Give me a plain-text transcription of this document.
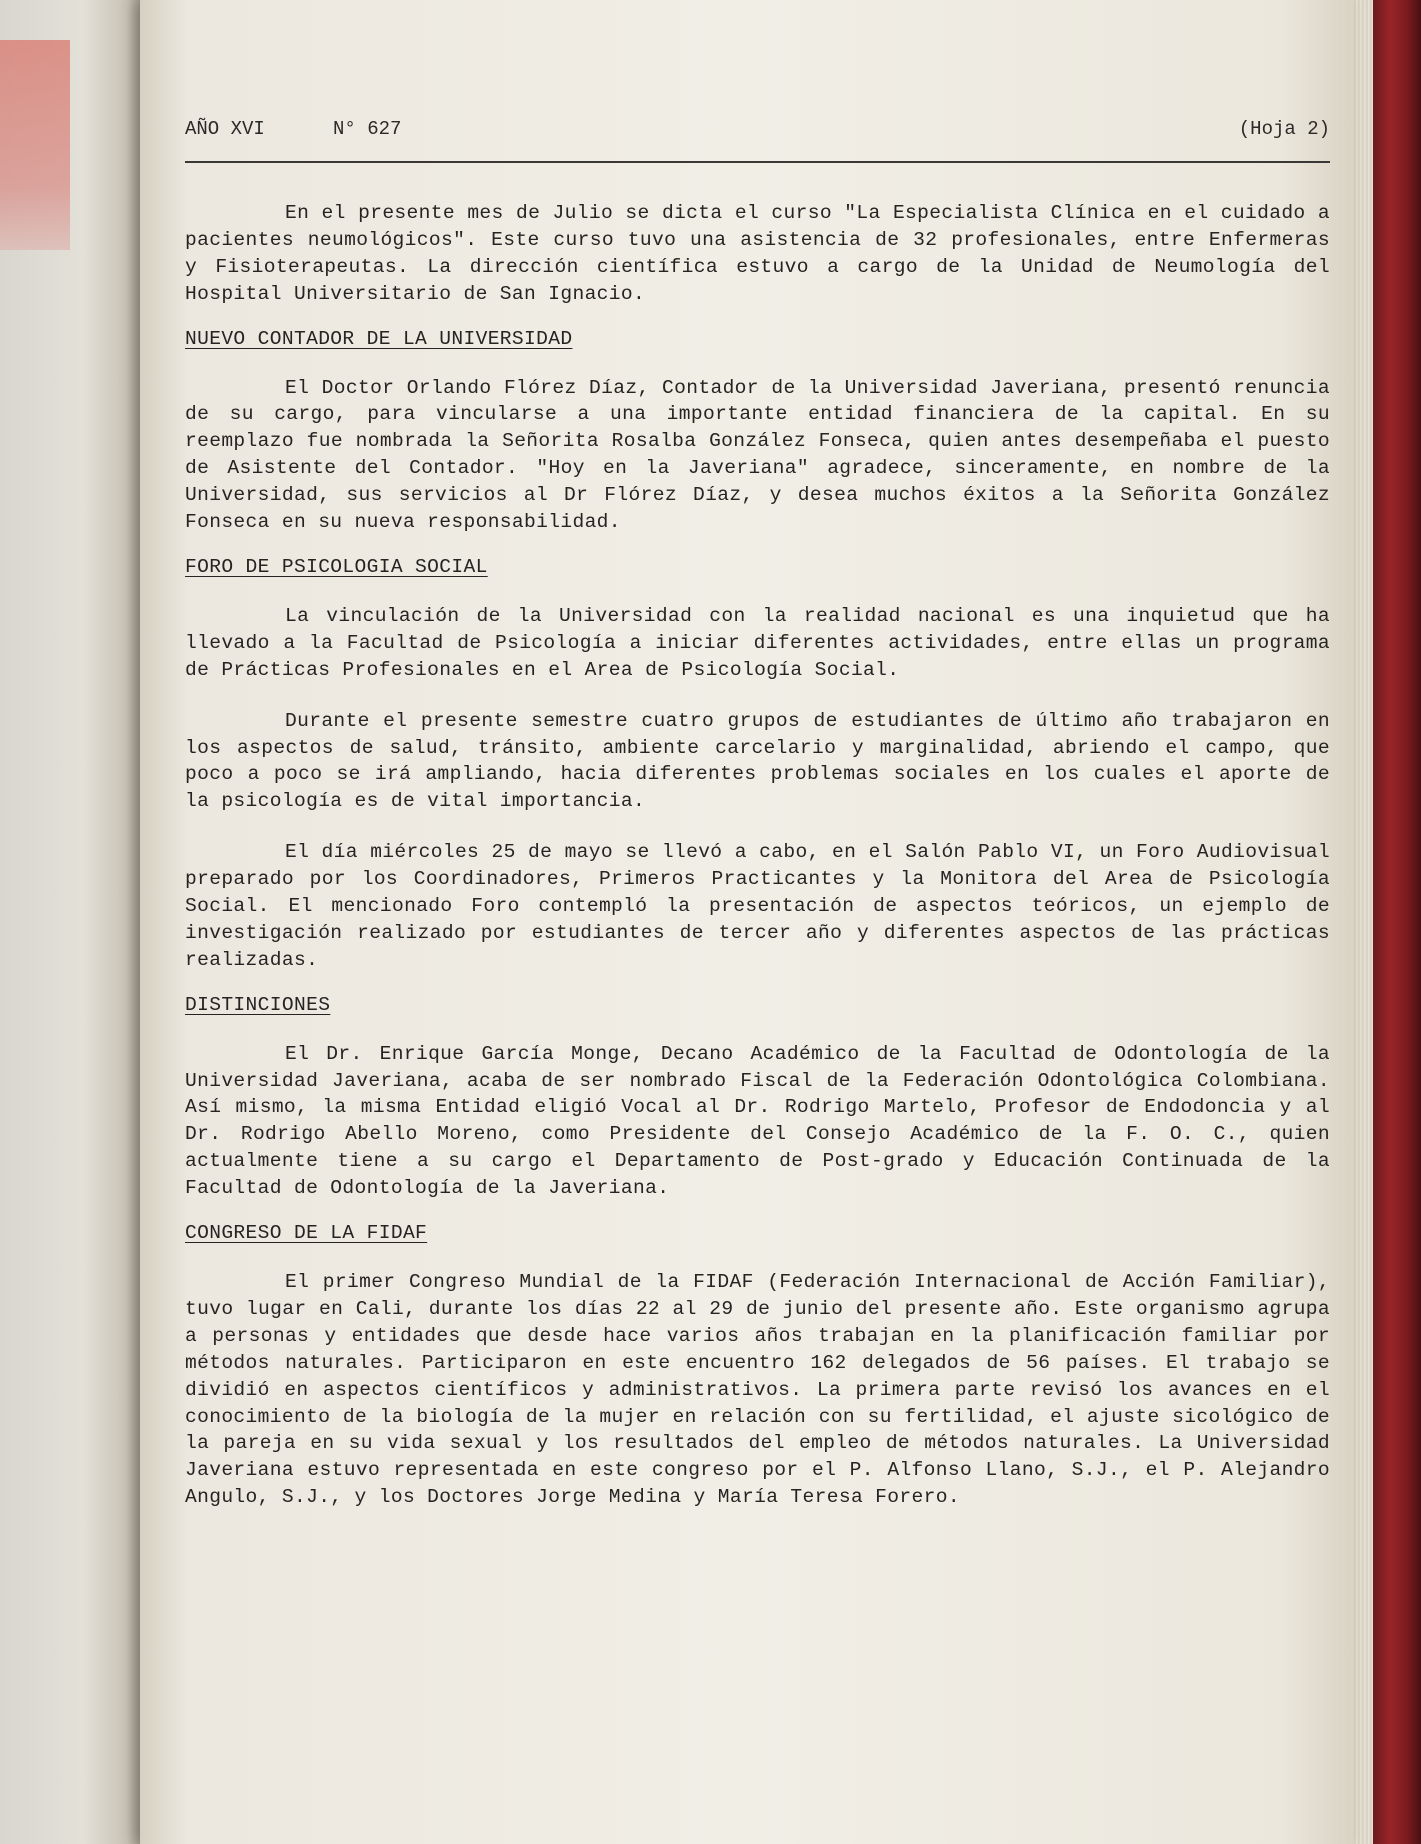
AÑO XVI	N° 627	(Hoja 2)

En el presente mes de Julio se dicta el curso "La Especialista Clínica en el cuidado a pacientes neumológicos". Este curso tuvo una asistencia de 32 profesionales, entre Enfermeras y Fisioterapeutas. La dirección científica estuvo a cargo de la Unidad de Neumología del Hospital Universitario de San Ignacio.

NUEVO CONTADOR DE LA UNIVERSIDAD

El Doctor Orlando Flórez Díaz, Contador de la Universidad Javeriana, presentó renuncia de su cargo, para vincularse a una importante entidad financiera de la capital. En su reemplazo fue nombrada la Señorita Rosalba González Fonseca, quien antes desempeñaba el puesto de Asistente del Contador. "Hoy en la Javeriana" agradece, sinceramente, en nombre de la Universidad, sus servicios al Dr Flórez Díaz, y desea muchos éxitos a la Señorita González Fonseca en su nueva responsabilidad.

FORO DE PSICOLOGIA SOCIAL

La vinculación de la Universidad con la realidad nacional es una inquietud que ha llevado a la Facultad de Psicología a iniciar diferentes actividades, entre ellas un programa de Prácticas Profesionales en el Area de Psicología Social.

Durante el presente semestre cuatro grupos de estudiantes de último año trabajaron en los aspectos de salud, tránsito, ambiente carcelario y marginalidad, abriendo el campo, que poco a poco se irá ampliando, hacia diferentes problemas sociales en los cuales el aporte de la psicología es de vital importancia.

El día miércoles 25 de mayo se llevó a cabo, en el Salón Pablo VI, un Foro Audiovisual preparado por los Coordinadores, Primeros Practicantes y la Monitora del Area de Psicología Social. El mencionado Foro contempló la presentación de aspectos teóricos, un ejemplo de investigación realizado por estudiantes de tercer año y diferentes aspectos de las prácticas realizadas.

DISTINCIONES

El Dr. Enrique García Monge, Decano Académico de la Facultad de Odontología de la Universidad Javeriana, acaba de ser nombrado Fiscal de la Federación Odontológica Colombiana. Así mismo, la misma Entidad eligió Vocal al Dr. Rodrigo Martelo, Profesor de Endodoncia y al Dr. Rodrigo Abello Moreno, como Presidente del Consejo Académico de la F. O. C., quien actualmente tiene a su cargo el Departamento de Post-grado y Educación Continuada de la Facultad de Odontología de la Javeriana.

CONGRESO DE LA FIDAF

El primer Congreso Mundial de la FIDAF (Federación Internacional de Acción Familiar), tuvo lugar en Cali, durante los días 22 al 29 de junio del presente año. Este organismo agrupa a personas y entidades que desde hace varios años trabajan en la planificación familiar por métodos naturales. Participaron en este encuentro 162 delegados de 56 países. El trabajo se dividió en aspectos científicos y administrativos. La primera parte revisó los avances en el conocimiento de la biología de la mujer en relación con su fertilidad, el ajuste sicológico de la pareja en su vida sexual y los resultados del empleo de métodos naturales. La Universidad Javeriana estuvo representada en este congreso por el P. Alfonso Llano, S.J., el P. Alejandro Angulo, S.J., y los Doctores Jorge Medina y María Teresa Forero.
